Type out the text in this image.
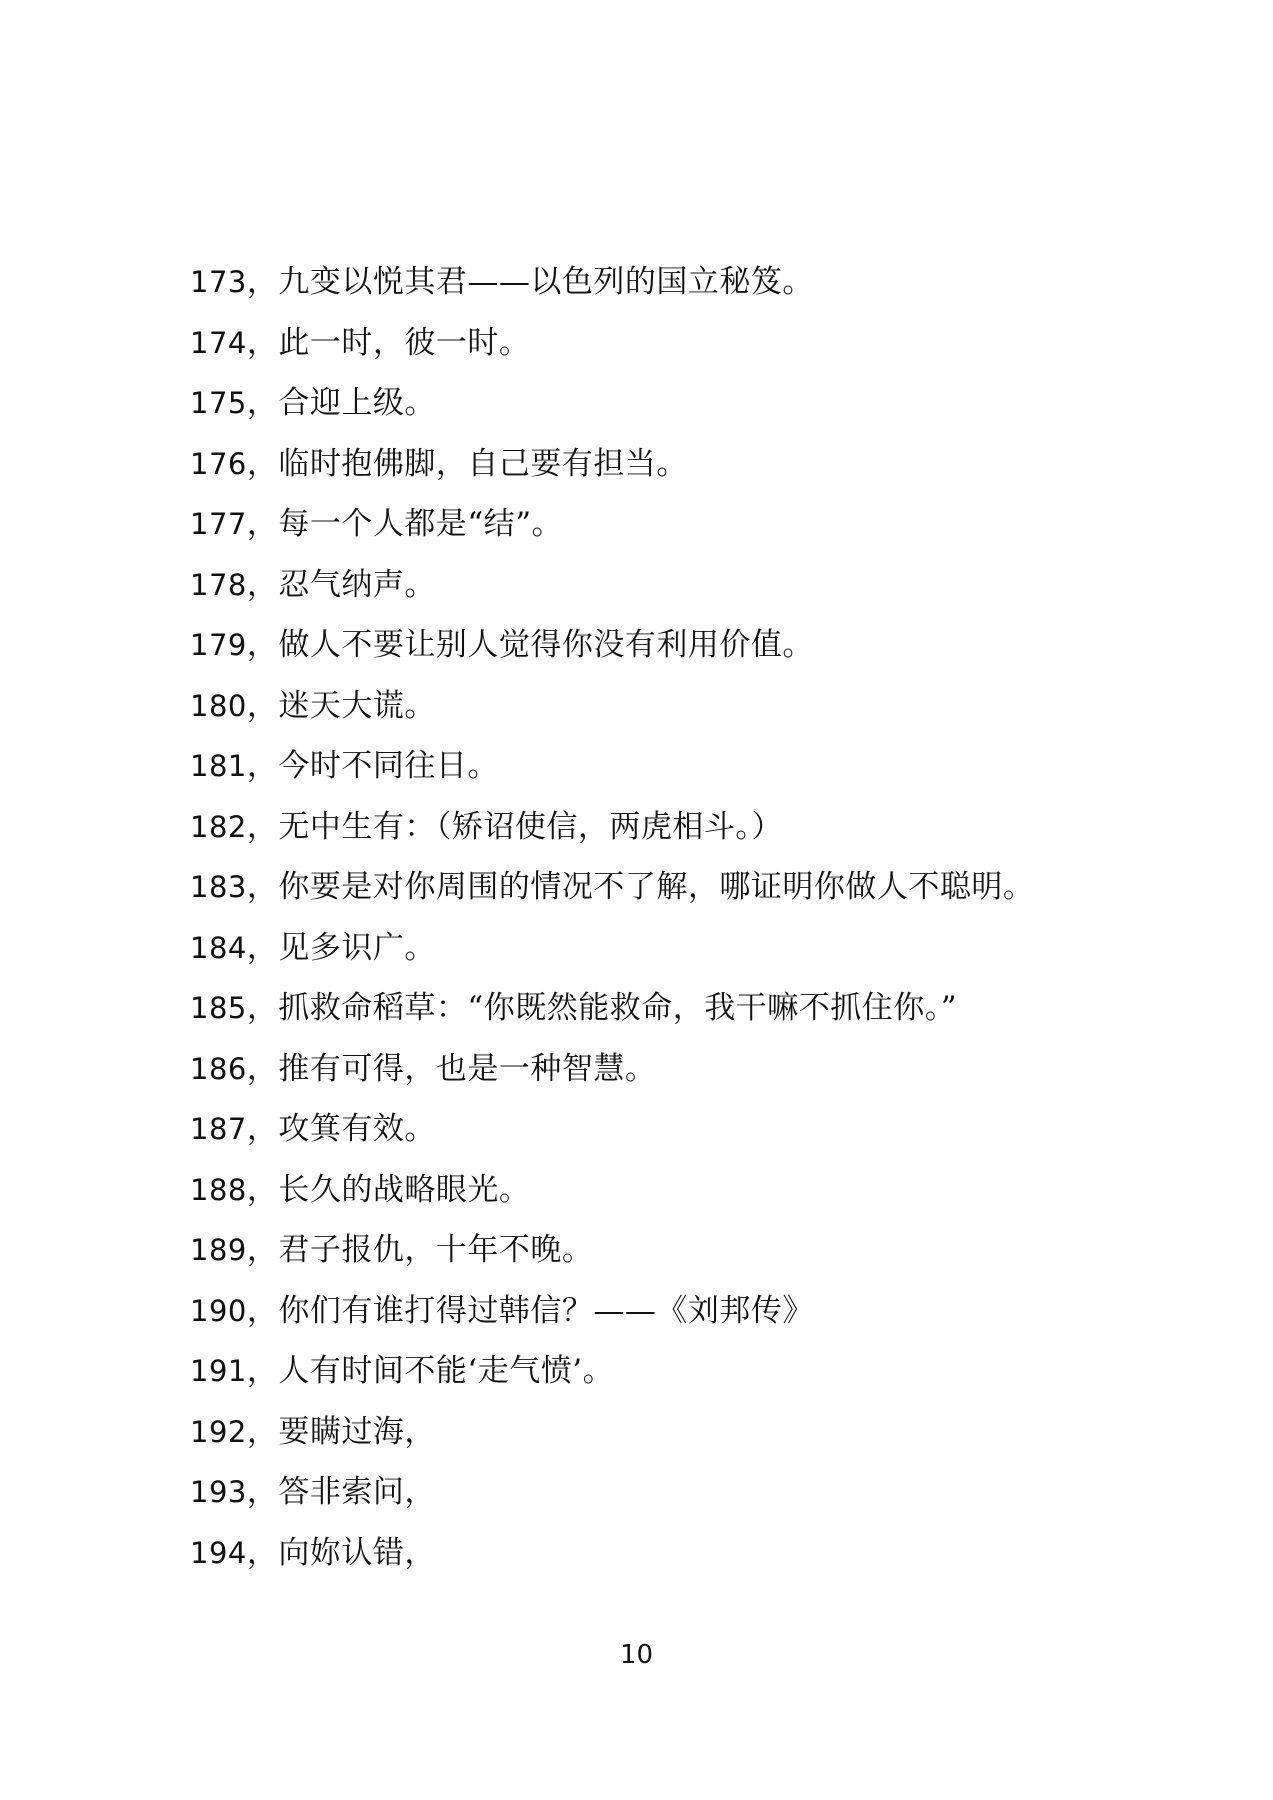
173，九变以悦其君——以色列的国立秘笈。
174，此一时，彼一时。
175，合迎上级。
176，临时抱佛脚，自己要有担当。
177，每一个人都是“结”。
178，忍气纳声。
179，做人不要让别人觉得你没有利用价值。
180，迷天大谎。
181，今时不同往日。
182，无中生有：（矫诏使信，两虎相斗。）
183，你要是对你周围的情况不了解，哪证明你做人不聪明。
184，见多识广。
185，抓救命稻草：“你既然能救命，我干嘛不抓住你。”
186，推有可得，也是一种智慧。
187，攻箕有效。
188，长久的战略眼光。
189，君子报仇，十年不晚。
190，你们有谁打得过韩信？——《刘邦传》
191，人有时间不能‘走气愤’。
192，要瞒过海，
193，答非索问，
194，向妳认错，
10
